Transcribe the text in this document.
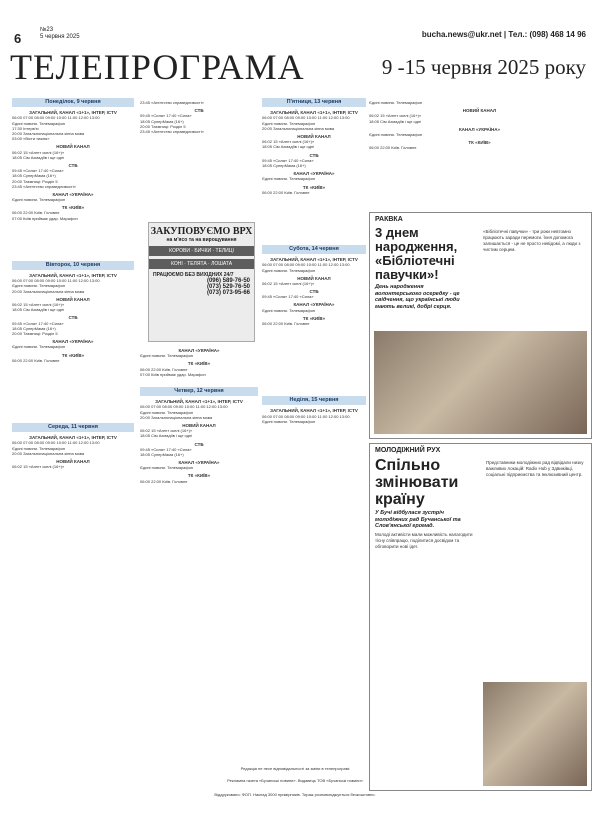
6
№23
5 червня 2025	bucha.news@ukr.net | Тел.: (098) 468 14 96
ТЕЛЕПРОГРАМА	9 -15 червня 2025 року
Понеділок, 9 червня
ЗАГАЛЬНИЙ, КАНАЛ «1+1», ІНТЕР, ICTV
06:00 07:00 08:00 09:00 10:00 11:00 12:00 13:00
Єдині новини. Телемарафон
17:30 Інтерв'ю
20:00 Загальнонаціональна кінна мова
03:00 «Вісти тижня»
НОВИЙ КАНАЛ
06:02 15 «Агент скелі (16+)»
18:05 Сім Ахмадіїв і ще одні
СТБ
09:45 «Сила» 17:40 «Сила»
18:05 СуперМама (16+)
20:00 Таємниці: Розділ 5
23:45 «Агентство справедливості»
КАНАЛ «УКРАЇНА»
Єдині новини. Телемарафон
ТК «КИЇВ»
06:00 22:00 Київ. Головне
07:00 Київ приймає удар. Марафон
Вівторок, 10 червня
ЗАГАЛЬНИЙ, КАНАЛ «1+1», ІНТЕР, ICTV
06:00 07:00 08:00 09:00 10:00 11:00 12:00 13:00
Єдині новини. Телемарафон
20:00 Загальнонаціональна кінна мова
НОВИЙ КАНАЛ
06:02 15 «Агент скелі (16+)»
18:05 Сім Ахмадіїв і ще одні
СТБ
09:45 «Сила» 17:40 «Сила»
18:05 СуперМама (16+)
20:00 Таємниці: Розділ 5
КАНАЛ «УКРАЇНА»
Єдині новини. Телемарафон
ТК «КИЇВ»
06:00 22:00 Київ. Головне
Середа, 11 червня
ЗАГАЛЬНИЙ, КАНАЛ «1+1», ІНТЕР, ICTV
06:00 07:00 08:00 09:00 10:00 11:00 12:00 13:00
Єдині новини. Телемарафон
20:00 Загальнонаціональна кінна мова
НОВИЙ КАНАЛ
06:02 15 «Агент скелі (16+)»
23:45 «Агентство справедливості»
СТБ
09:45 «Сила» 17:40 «Сила»
18:05 СуперМама (16+)
20:00 Таємниці: Розділ 5
23:45 «Агентство справедливості»
ЗАКУПОВУЄМО ВРХ
на м'ясо та на вирощування
КОРОВИ · БИЧКИ · ТЕЛИЦІ
КОНІ · ТЕЛЯТА · ЛОШАТА
ПРАЦЮЄМО БЕЗ ВИХІДНИХ 24/7
(096) 589-76-50
(073) 529-76-50
(073) 073-95-66
КАНАЛ «УКРАЇНА»
Єдині новини. Телемарафон
ТК «КИЇВ»
06:00 22:00 Київ. Головне
07:00 Київ приймає удар. Марафон
Четвер, 12 червня
ЗАГАЛЬНИЙ, КАНАЛ «1+1», ІНТЕР, ICTV
06:00 07:00 08:00 09:00 10:00 11:00 12:00 13:00
Єдині новини. Телемарафон
20:00 Загальнонаціональна кінна мова
НОВИЙ КАНАЛ
06:02 15 «Агент скелі (16+)»
18:05 Сім Ахмадіїв і ще одні
СТБ
09:45 «Сила» 17:40 «Сила»
18:05 СуперМама (16+)
КАНАЛ «УКРАЇНА»
Єдині новини. Телемарафон
ТК «КИЇВ»
06:00 22:00 Київ. Головне
П'ятниця, 13 червня
ЗАГАЛЬНИЙ, КАНАЛ «1+1», ІНТЕР, ICTV
06:00 07:00 08:00 09:00 10:00 11:00 12:00 13:00
Єдині новини. Телемарафон
20:00 Загальнонаціональна кінна мова
НОВИЙ КАНАЛ
06:02 15 «Агент скелі (16+)»
18:05 Сім Ахмадіїв і ще одні
СТБ
09:45 «Сила» 17:40 «Сила»
18:05 СуперМама (16+)
КАНАЛ «УКРАЇНА»
Єдині новини. Телемарафон
ТК «КИЇВ»
06:00 22:00 Київ. Головне
Субота, 14 червня
ЗАГАЛЬНИЙ, КАНАЛ «1+1», ІНТЕР, ICTV
06:00 07:00 08:00 09:00 10:00 11:00 12:00 13:00
Єдині новини. Телемарафон
НОВИЙ КАНАЛ
06:02 15 «Агент скелі (16+)»
СТБ
09:45 «Сила» 17:40 «Сила»
КАНАЛ «УКРАЇНА»
Єдині новини. Телемарафон
ТК «КИЇВ»
06:00 22:00 Київ. Головне
Неділя, 15 червня
ЗАГАЛЬНИЙ, КАНАЛ «1+1», ІНТЕР, ICTV
06:00 07:00 08:00 09:00 10:00 11:00 12:00 13:00
Єдині новини. Телемарафон
Єдині новини. Телемарафон
НОВИЙ КАНАЛ
06:02 15 «Агент скелі (16+)»
18:05 Сім Ахмадіїв і ще одні
КАНАЛ «УКРАЇНА»
Єдині новини. Телемарафон
ТК «КИЇВ»
06:00 22:00 Київ. Головне
РАКВКА
3 днем народження, «Бібліотечні павучки»!
День народження волонтерського осередку - це свідчення, що українські люди мають великі, добрі серця.
«Бібліотечні павучки» - три роки невтомно працюють заради перемоги. Їхня допомога залишається - це не просто невідомі, а люди з чистим серцем.
МОЛОДІЖНИЙ РУХ
Спільно змінювати країну
У Бучі відбулася зустріч молодіжних рад Бучанської та Слов'янської громад.
Молоді активісти мали можливість налагодити тісну співпрацю, поділитися досвідом та обговорити нові ідеї.
Представники молодіжних рад відвідали низку важливих локацій: Radix Hub у Здвижівці, соціальні підприємства та Інклюзивний центр.
Редакція не несе відповідальності за зміни в телепрограмі
Рекламна газета «Бучанські новини». Видавець ТОВ «Бучанські новини»
Віддруковано: ФОП. Наклад 3000 примірників. Тираж розповсюджується безкоштовно.
